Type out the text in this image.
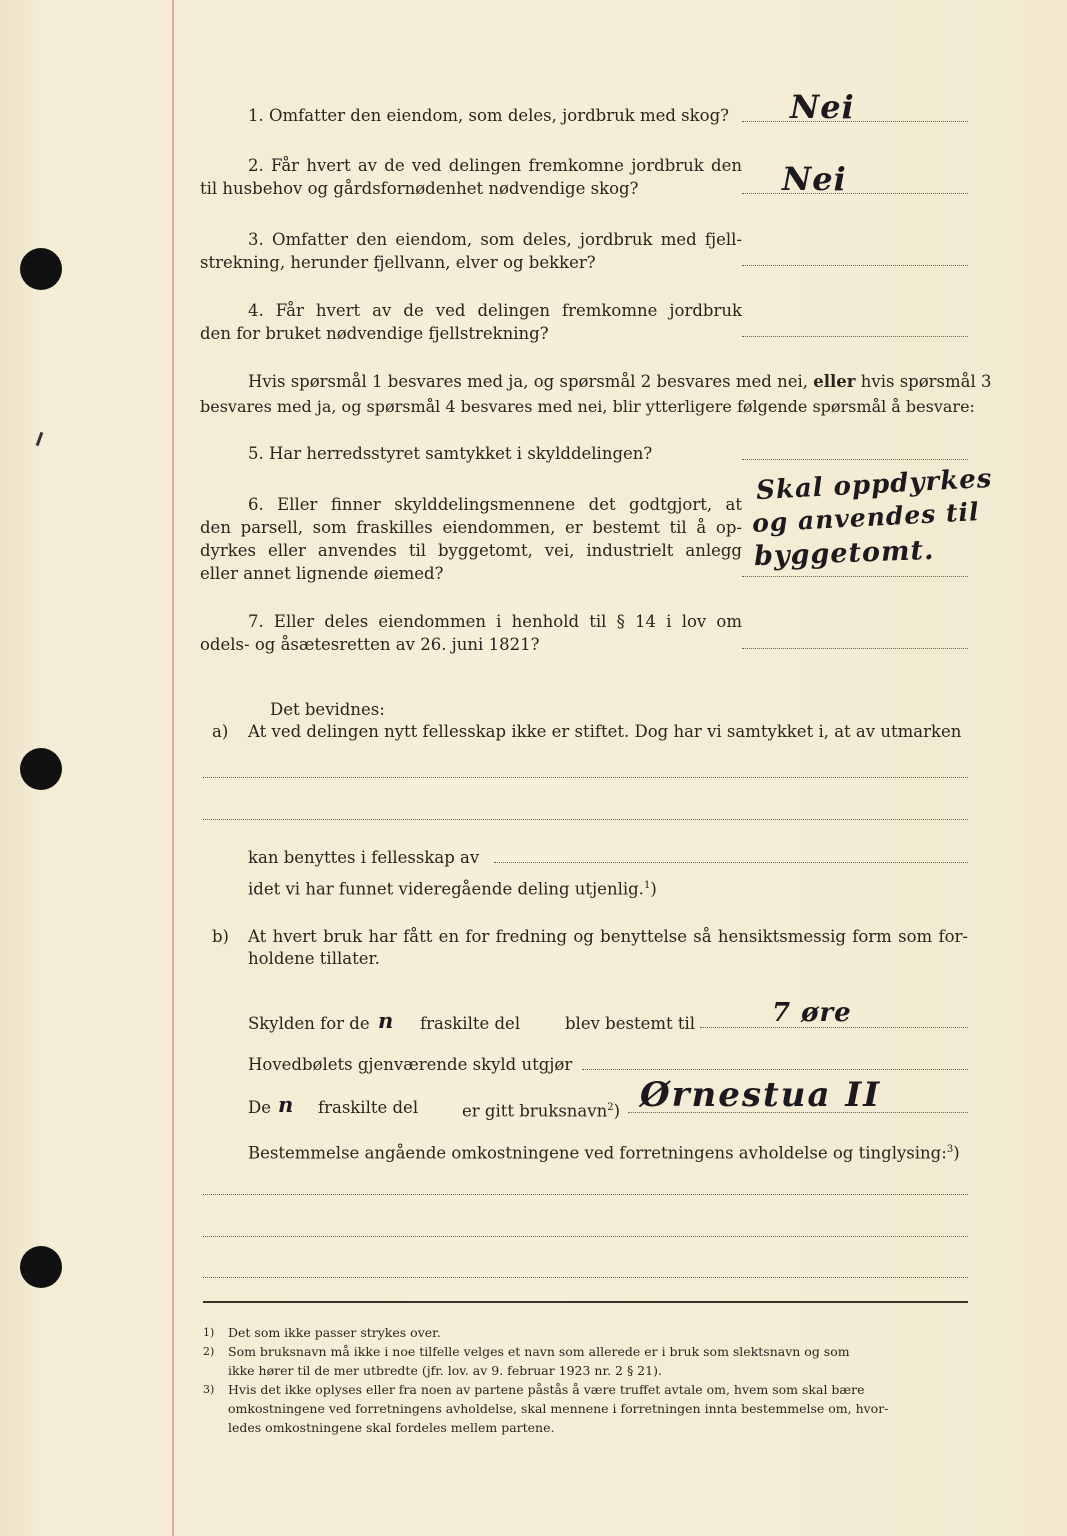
1. Omfatter den eiendom, som deles, jordbruk med skog? Nei
2. Får hvert av de ved delingen fremkomne jordbruk den
til husbehov og gårdsfornødenhet nødvendige skog?	Nei
3. Omfatter den eiendom, som deles, jordbruk med fjell-
strekning, herunder fjellvann, elver og bekker?
4. Får hvert av de ved delingen fremkomne jordbruk
den for bruket nødvendige fjellstrekning?
Hvis spørsmål 1 besvares med ja, og spørsmål 2 besvares med nei, eller hvis spørsmål 3
besvares med ja, og spørsmål 4 besvares med nei, blir ytterligere følgende spørsmål å besvare:
5. Har herredsstyret samtykket i skylddelingen?
6. Eller finner skylddelingsmennene det godtgjort, at
den parsell, som fraskilles eiendommen, er bestemt til å op-
dyrkes eller anvendes til byggetomt, vei, industrielt anlegg
eller annet lignende øiemed?
Skal oppdyrkes
og anvendes til
byggetomt.
7. Eller deles eiendommen i henhold til § 14 i lov om
odels- og åsætesretten av 26. juni 1821?
Det bevidnes:
a) At ved delingen nytt fellesskap ikke er stiftet. Dog har vi samtykket i, at av utmarken
kan benyttes i fellesskap av
idet vi har funnet videregående deling utjenlig.$^1$)
b) At hvert bruk har fått en for fredning og benyttelse så hensiktsmessig form som for-
holdene tillater.
Skylden for de n fraskilte del	blev bestemt til	7 øre
Hovedbølets gjenværende skyld utgjør
De n fraskilte del	er gitt bruksnavn$^2$) Ørnestua II
Bestemmelse angående omkostningene ved forretningens avholdelse og tinglysing:$^3$)
1) Det som ikke passer strykes over.
2) Som bruksnavn må ikke i noe tilfelle velges et navn som allerede er i bruk som slektsnavn og som
ikke hører til de mer utbredte (jfr. lov. av 9. februar 1923 nr. 2 § 21).
3) Hvis det ikke oplyses eller fra noen av partene påstås å være truffet avtale om, hvem som skal bære
omkostningene ved forretningens avholdelse, skal mennene i forretningen innta bestemmelse om, hvor-
ledes omkostningene skal fordeles mellem partene.
